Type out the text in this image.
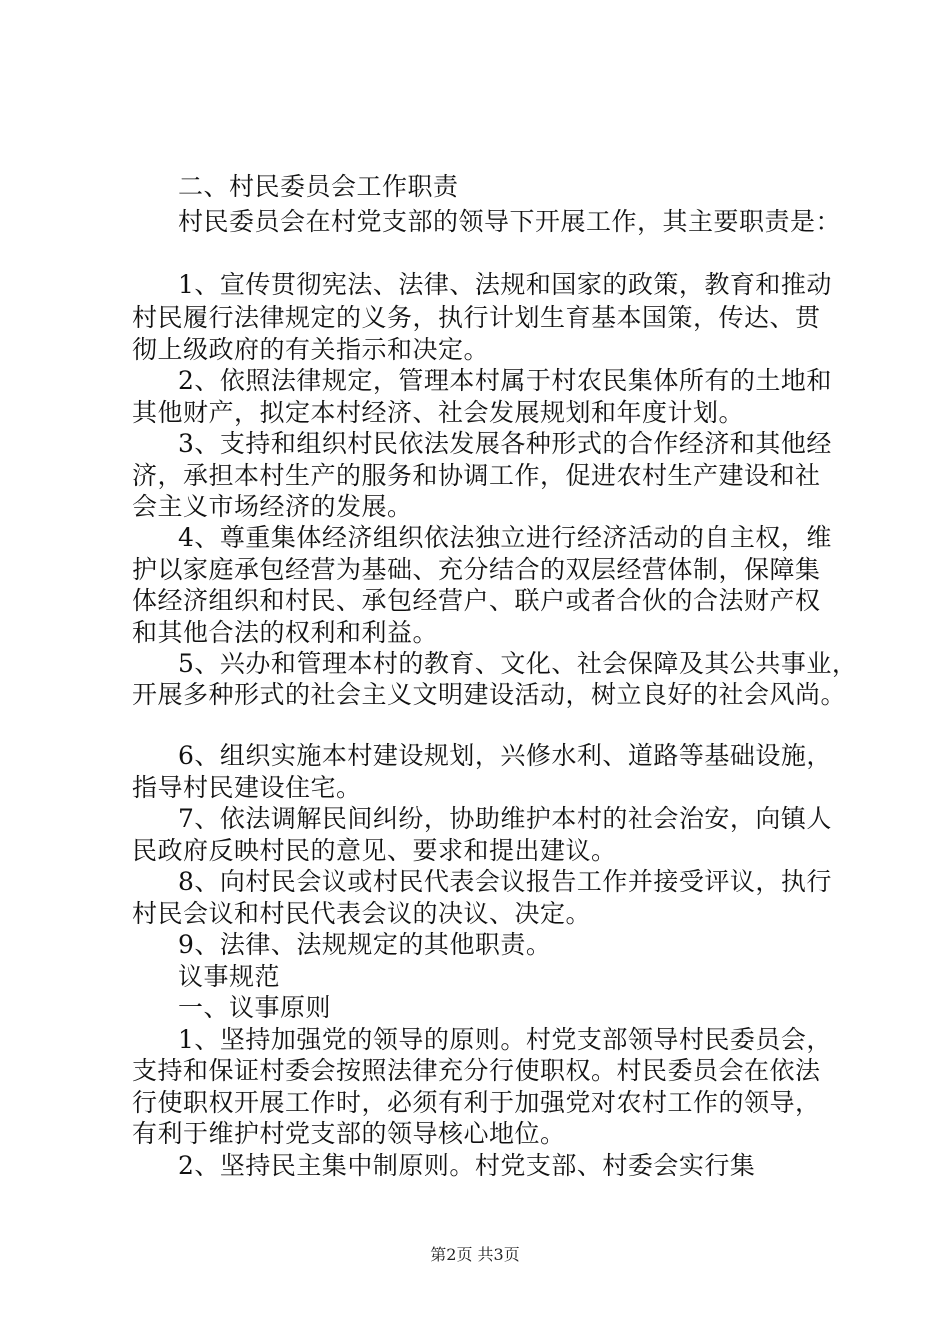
二、村民委员会工作职责
村民委员会在村党支部的领导下开展工作，其主要职责是：
1、宣传贯彻宪法、法律、法规和国家的政策，教育和推动
村民履行法律规定的义务，执行计划生育基本国策，传达、贯
彻上级政府的有关指示和决定。
2、依照法律规定，管理本村属于村农民集体所有的土地和
其他财产，拟定本村经济、社会发展规划和年度计划。
3、支持和组织村民依法发展各种形式的合作经济和其他经
济，承担本村生产的服务和协调工作，促进农村生产建设和社
会主义市场经济的发展。
4、尊重集体经济组织依法独立进行经济活动的自主权，维
护以家庭承包经营为基础、充分结合的双层经营体制，保障集
体经济组织和村民、承包经营户、联户或者合伙的合法财产权
和其他合法的权利和利益。
5、兴办和管理本村的教育、文化、社会保障及其公共事业，
开展多种形式的社会主义文明建设活动，树立良好的社会风尚。
6、组织实施本村建设规划，兴修水利、道路等基础设施，
指导村民建设住宅。
7、依法调解民间纠纷，协助维护本村的社会治安，向镇人
民政府反映村民的意见、要求和提出建议。
8、向村民会议或村民代表会议报告工作并接受评议，执行
村民会议和村民代表会议的决议、决定。
9、法律、法规规定的其他职责。
议事规范
一、议事原则
1、坚持加强党的领导的原则。村党支部领导村民委员会，
支持和保证村委会按照法律充分行使职权。村民委员会在依法
行使职权开展工作时，必须有利于加强党对农村工作的领导，
有利于维护村党支部的领导核心地位。
2、坚持民主集中制原则。村党支部、村委会实行集
第2页 共3页
